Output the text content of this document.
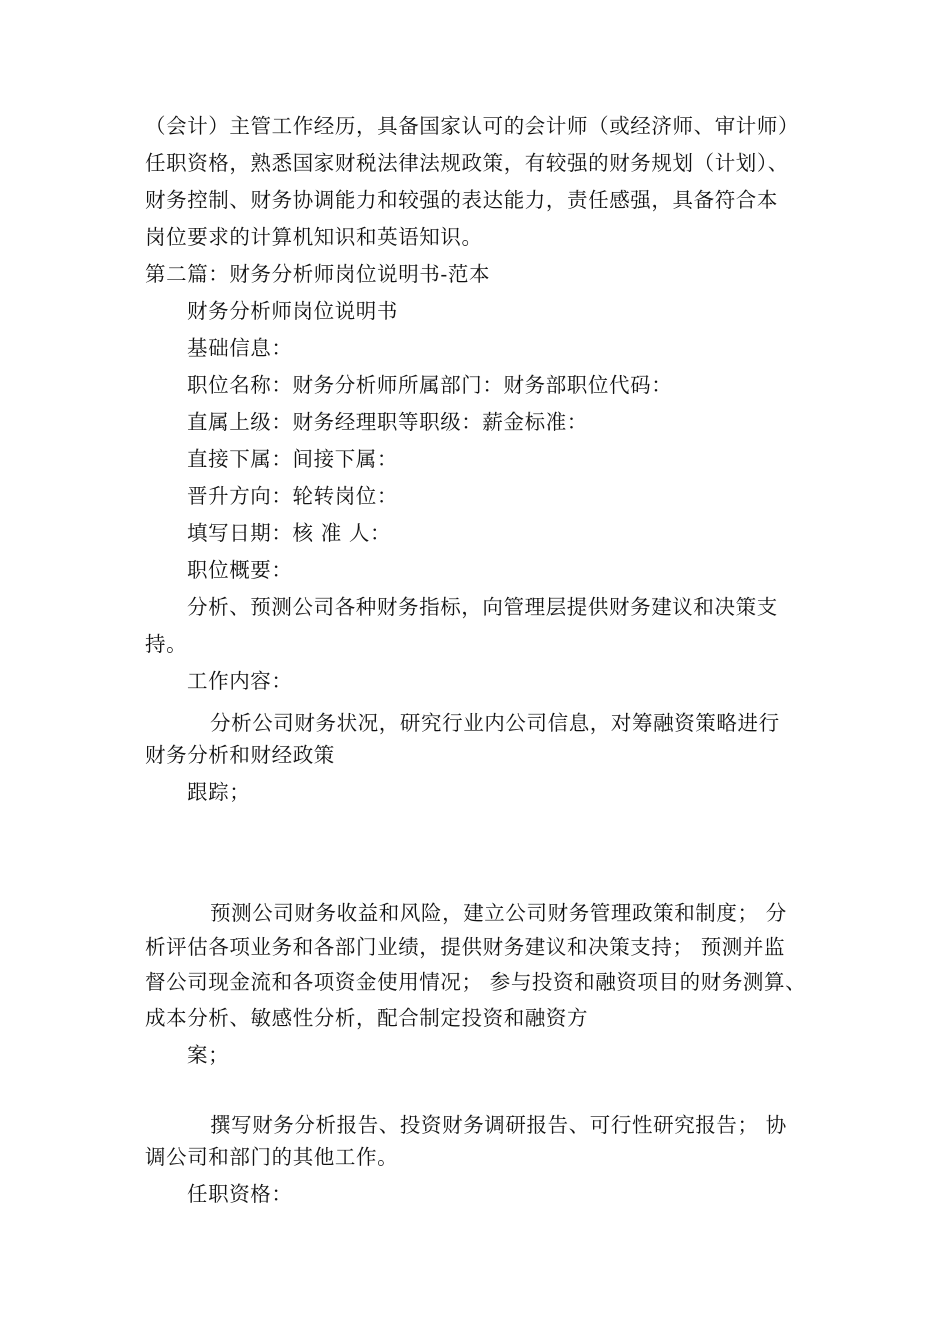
（会计）主管工作经历，具备国家认可的会计师（或经济师、审计师）
任职资格，熟悉国家财税法律法规政策，有较强的财务规划（计划）、
财务控制、财务协调能力和较强的表达能力，责任感强，具备符合本
岗位要求的计算机知识和英语知识。
第二篇：财务分析师岗位说明书-范本
财务分析师岗位说明书
基础信息：
职位名称：财务分析师所属部门：财务部职位代码：
直属上级：财务经理职等职级：薪金标准：
直接下属：间接下属：
晋升方向：轮转岗位：
填写日期：核 准 人：
职位概要：
分析、预测公司各种财务指标，向管理层提供财务建议和决策支
持。
工作内容：
分析公司财务状况，研究行业内公司信息，对筹融资策略进行
财务分析和财经政策
跟踪；
预测公司财务收益和风险，建立公司财务管理政策和制度； 分
析评估各项业务和各部门业绩，提供财务建议和决策支持； 预测并监
督公司现金流和各项资金使用情况； 参与投资和融资项目的财务测算、
成本分析、敏感性分析，配合制定投资和融资方
案；
撰写财务分析报告、投资财务调研报告、可行性研究报告； 协
调公司和部门的其他工作。
任职资格：
